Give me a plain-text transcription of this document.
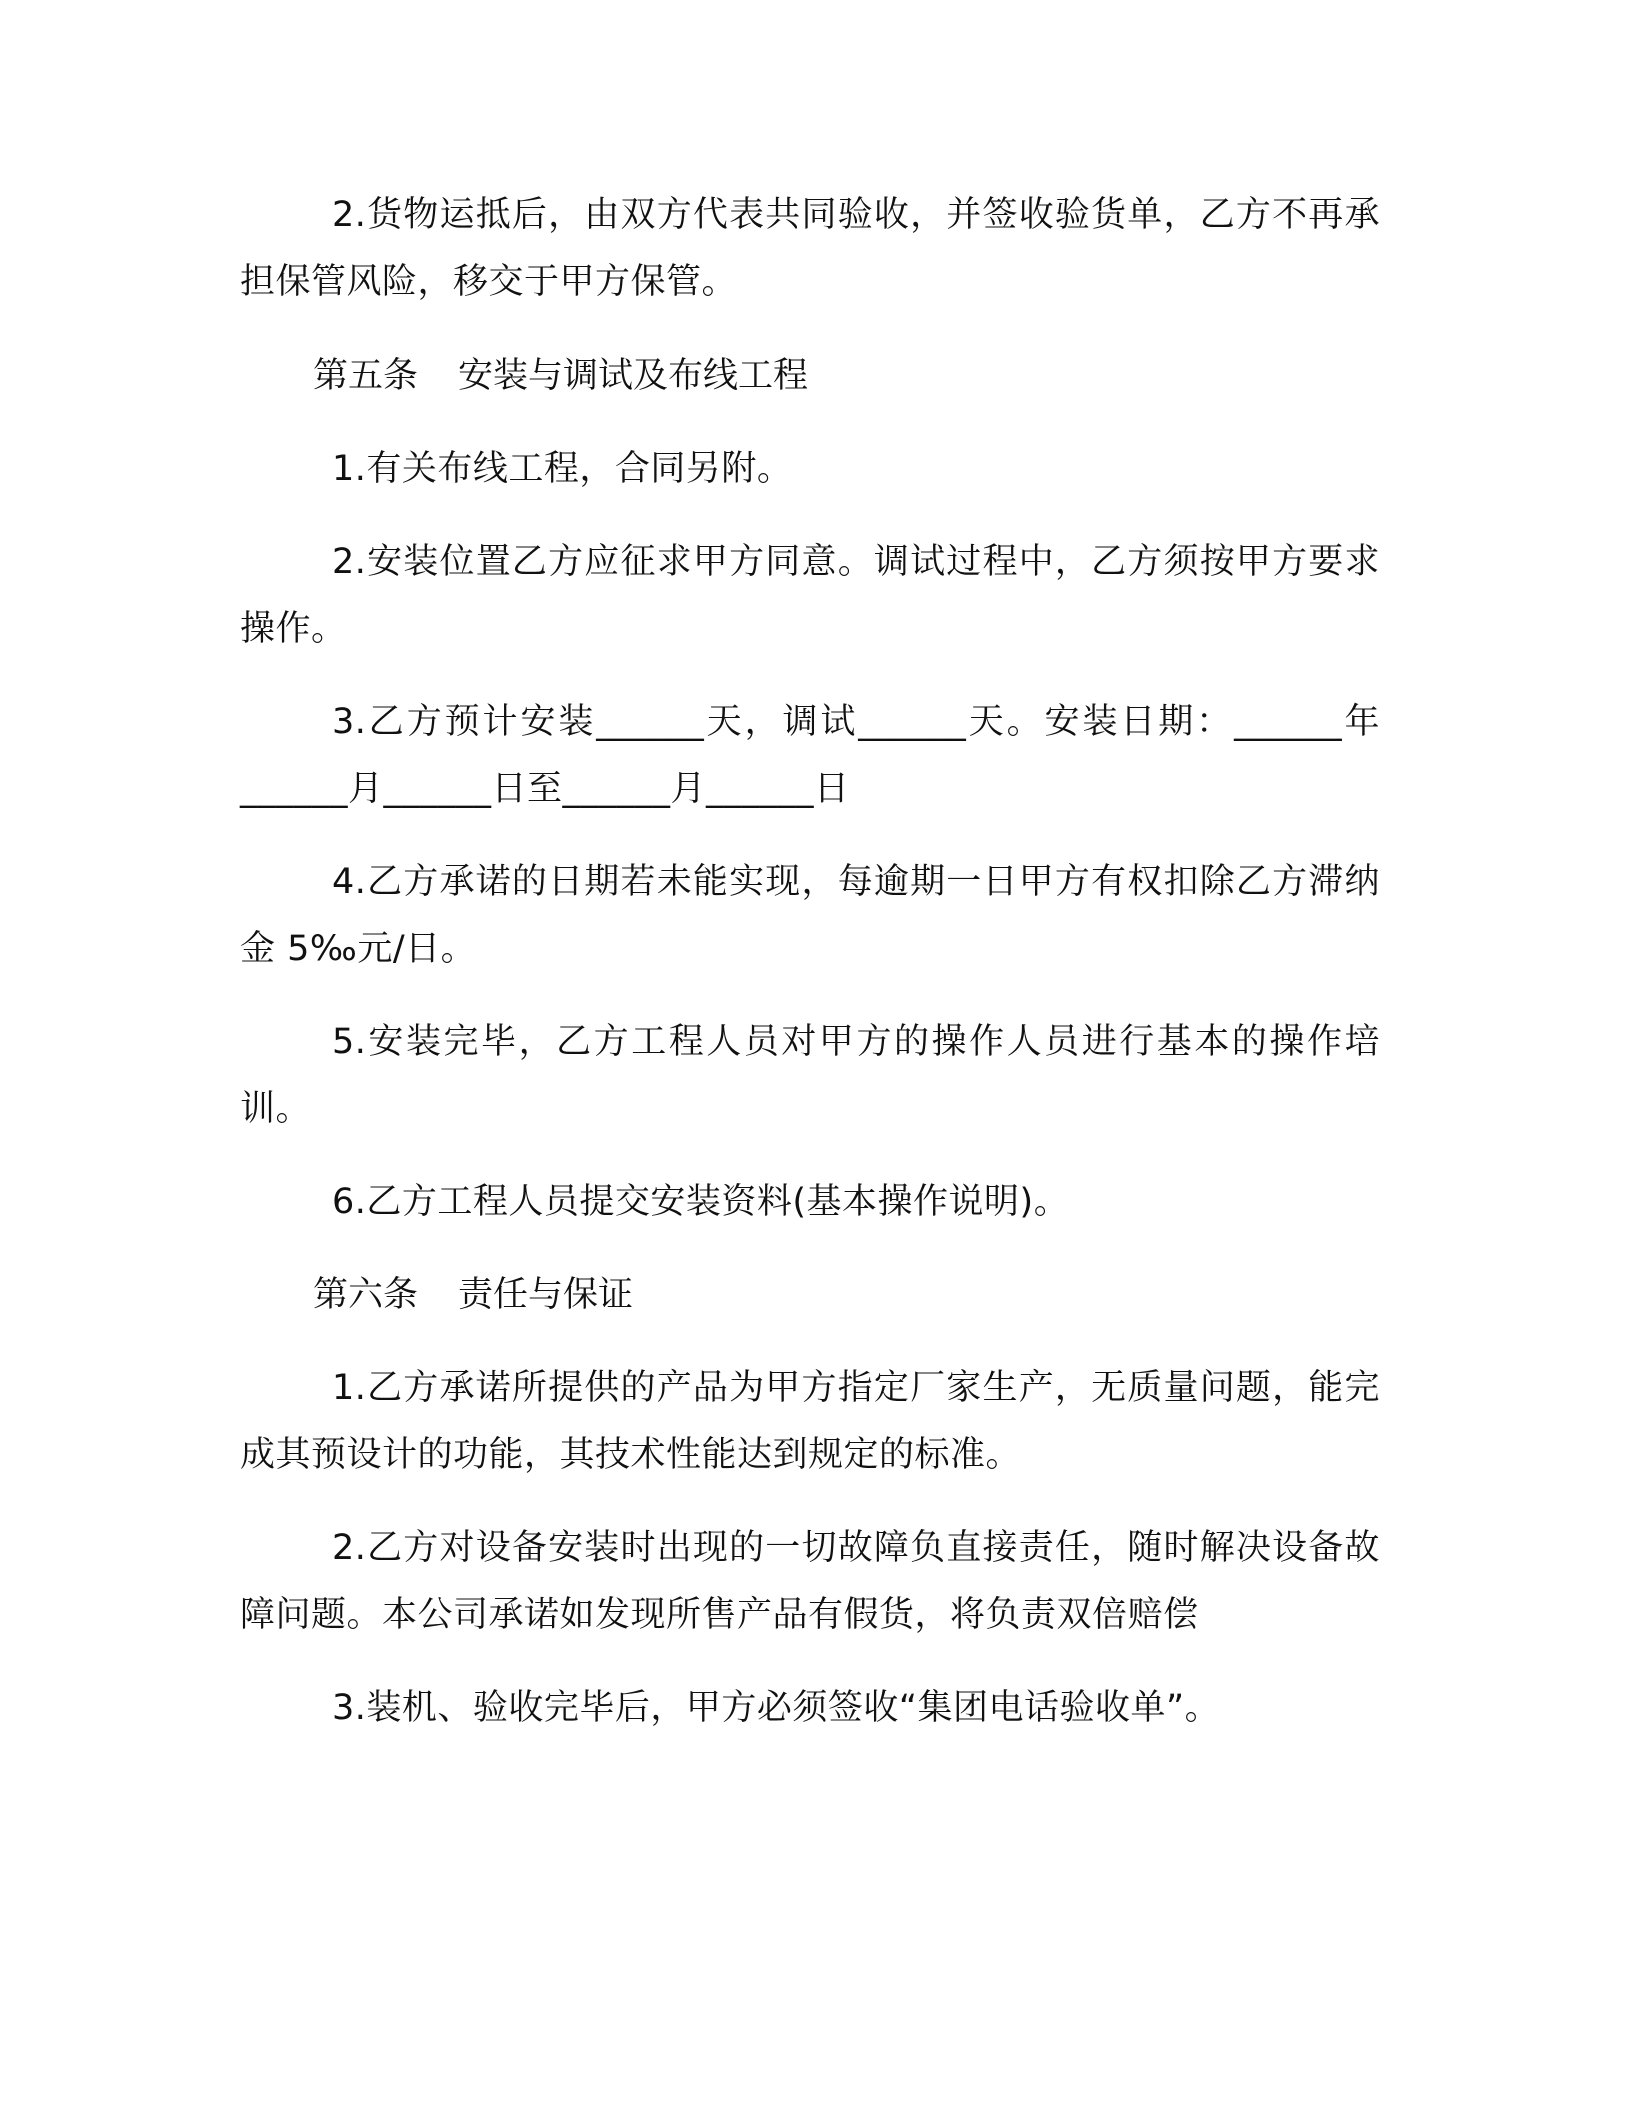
2.货物运抵后，由双方代表共同验收，并签收验货单，乙方不再承担保管风险，移交于甲方保管。

第五条 安装与调试及布线工程

1.有关布线工程，合同另附。

2.安装位置乙方应征求甲方同意。调试过程中，乙方须按甲方要求操作。

3.乙方预计安装______天，调试______天。安装日期：______年______月______日至______月______日

4.乙方承诺的日期若未能实现，每逾期一日甲方有权扣除乙方滞纳金 5‰元/日。

5.安装完毕，乙方工程人员对甲方的操作人员进行基本的操作培训。

6.乙方工程人员提交安装资料(基本操作说明)。

第六条 责任与保证

1.乙方承诺所提供的产品为甲方指定厂家生产，无质量问题，能完成其预设计的功能，其技术性能达到规定的标准。

2.乙方对设备安装时出现的一切故障负直接责任，随时解决设备故障问题。本公司承诺如发现所售产品有假货，将负责双倍赔偿

3.装机、验收完毕后，甲方必须签收“集团电话验收单”。
